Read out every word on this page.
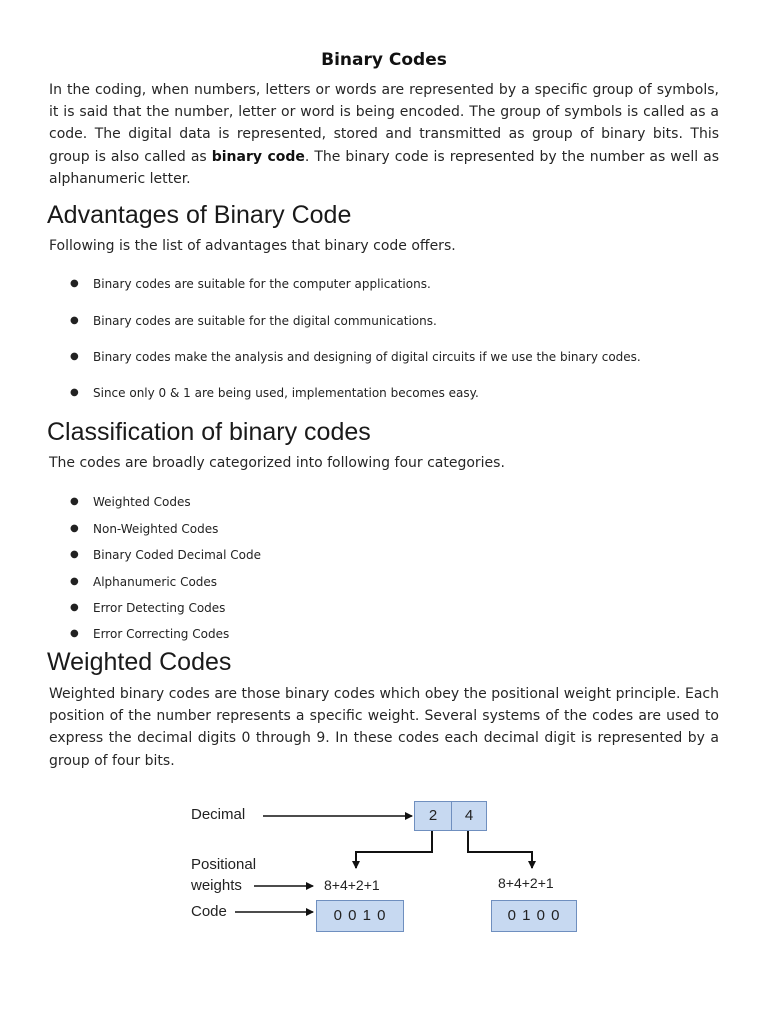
Binary Codes

In the coding, when numbers, letters or words are represented by a specific group of symbols, it is said that the number, letter or word is being encoded. The group of symbols is called as a code. The digital data is represented, stored and transmitted as group of binary bits. This group is also called as binary code. The binary code is represented by the number as well as alphanumeric letter.

Advantages of Binary Code

Following is the list of advantages that binary code offers.

● Binary codes are suitable for the computer applications.
● Binary codes are suitable for the digital communications.
● Binary codes make the analysis and designing of digital circuits if we use the binary codes.
● Since only 0 & 1 are being used, implementation becomes easy.
Classification of binary codes

The codes are broadly categorized into following four categories.

● Weighted Codes
● Non-Weighted Codes
● Binary Coded Decimal Code
● Alphanumeric Codes
● Error Detecting Codes
● Error Correcting Codes
Weighted Codes

Weighted binary codes are those binary codes which obey the positional weight principle. Each position of the number represents a specific weight. Several systems of the codes are used to express the decimal digits 0 through 9. In these codes each decimal digit is represented by a group of four bits.

Decimal
Positional
weights
Code
2	4
8+4+2+1	8+4+2+1
0 0 1 0	0 1 0 0
